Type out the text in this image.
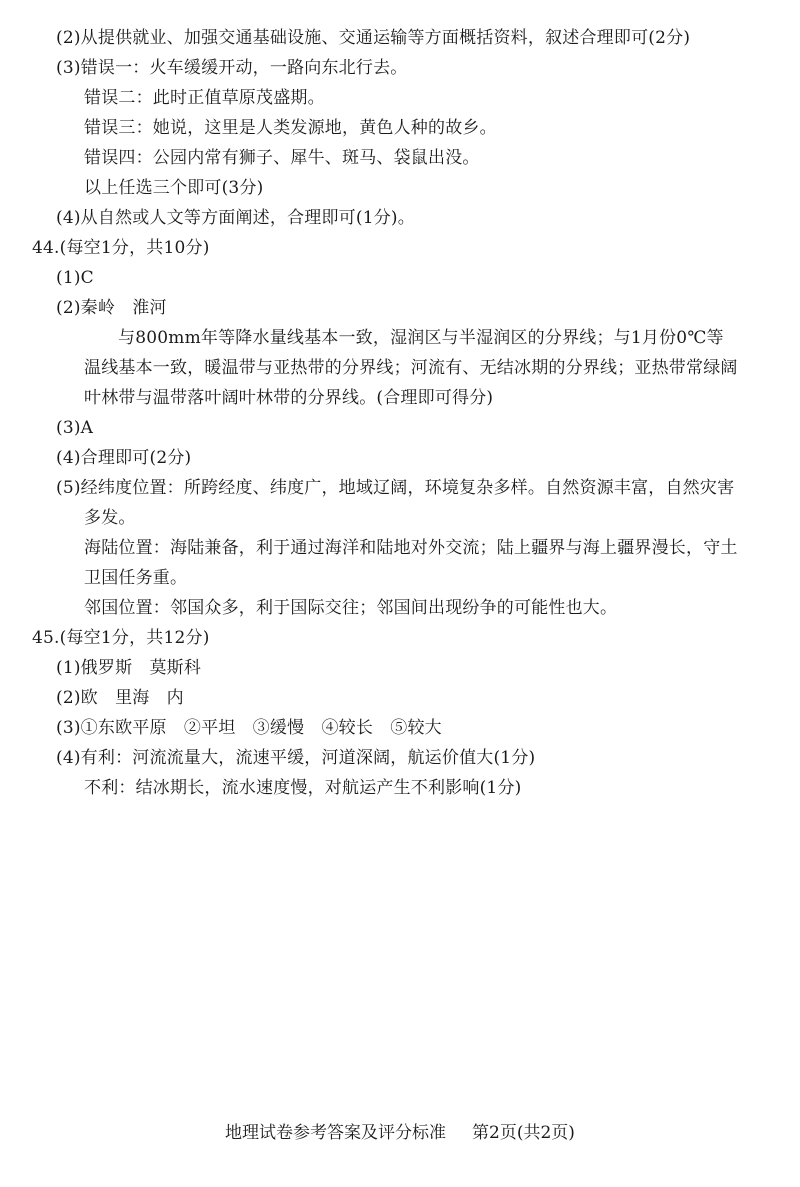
(2)从提供就业、加强交通基础设施、交通运输等方面概括资料，叙述合理即可(2分)
(3)错误一：火车缓缓开动，一路向东北行去。
错误二：此时正值草原茂盛期。
错误三：她说，这里是人类发源地，黄色人种的故乡。
错误四：公园内常有狮子、犀牛、斑马、袋鼠出没。
以上任选三个即可(3分)
(4)从自然或人文等方面阐述，合理即可(1分)。
44.(每空1分，共10分)
(1)C
(2)秦岭　淮河
与800mm年等降水量线基本一致，湿润区与半湿润区的分界线；与1月份0℃等
温线基本一致，暖温带与亚热带的分界线；河流有、无结冰期的分界线；亚热带常绿阔
叶林带与温带落叶阔叶林带的分界线。(合理即可得分)
(3)A
(4)合理即可(2分)
(5)经纬度位置：所跨经度、纬度广，地域辽阔，环境复杂多样。自然资源丰富，自然灾害
多发。
海陆位置：海陆兼备，利于通过海洋和陆地对外交流；陆上疆界与海上疆界漫长，守土
卫国任务重。
邻国位置：邻国众多，利于国际交往；邻国间出现纷争的可能性也大。
45.(每空1分，共12分)
(1)俄罗斯　莫斯科
(2)欧　里海　内
(3)①东欧平原　②平坦　③缓慢　④较长　⑤较大
(4)有利：河流流量大，流速平缓，河道深阔，航运价值大(1分)
不利：结冰期长，流水速度慢，对航运产生不利影响(1分)
地理试卷参考答案及评分标准 第2页(共2页)
